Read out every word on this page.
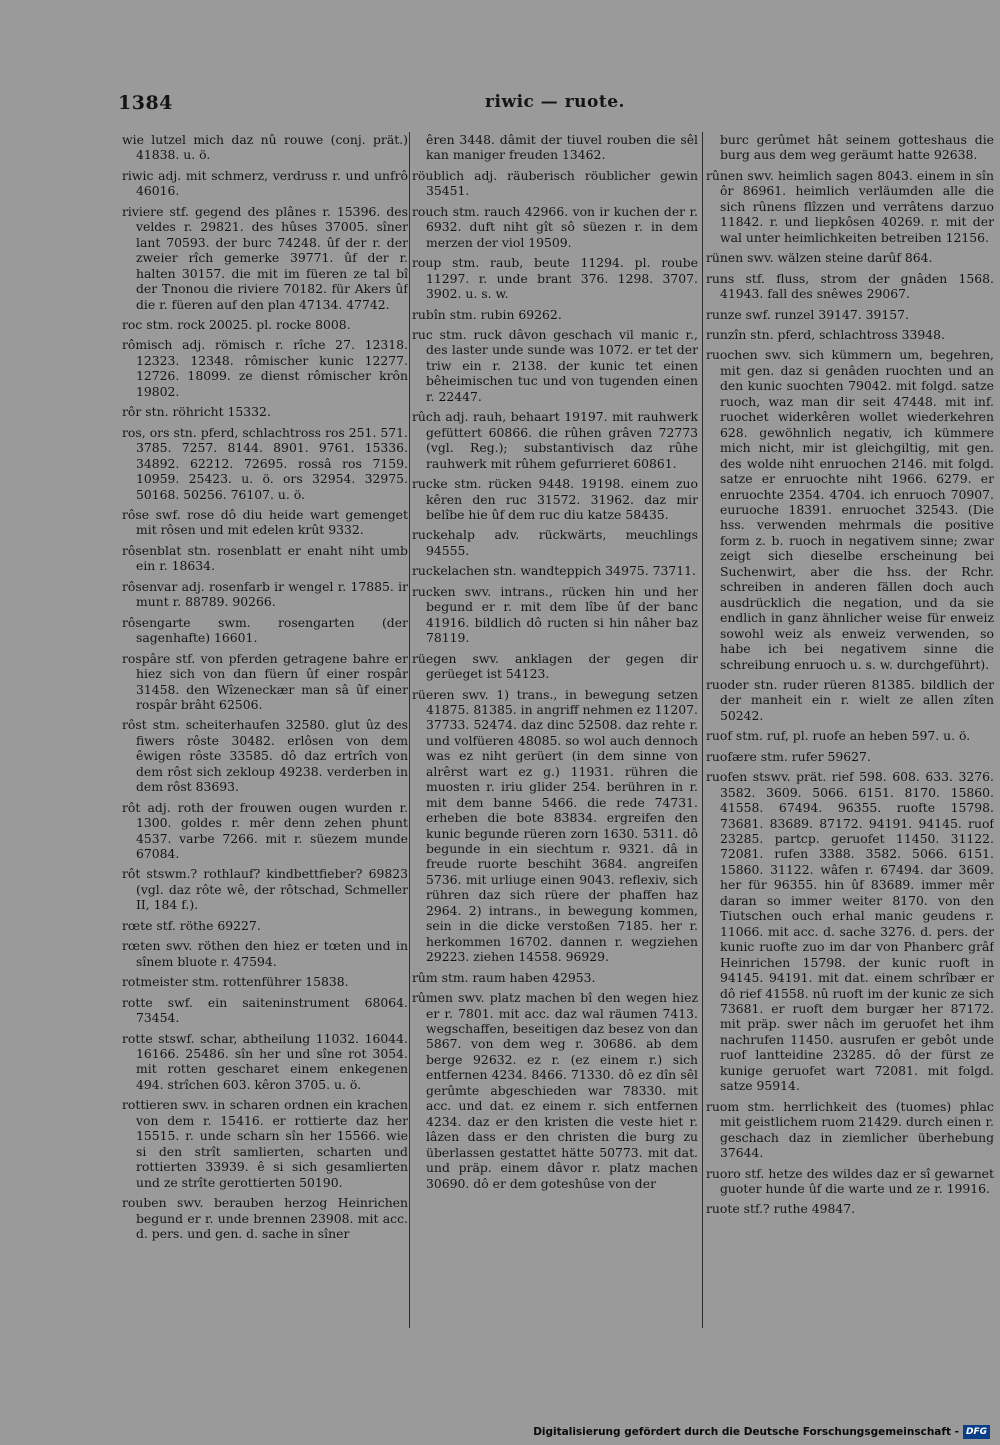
1384	riwic — ruote.

wie lutzel mich daz nû rouwe (conj. prät.) 41838. u. ö.

riwic adj. mit schmerz, verdruss r. und unfrô 46016.

riviere stf. gegend des plânes r. 15396. des veldes r. 29821. des hûses 37005. sîner lant 70593. der burc 74248. ûf der r. der zweier rîch gemerke 39771. ûf der r. halten 30157. die mit im füeren ze tal bî der Tnonou die riviere 70182. für Akers ûf die r. füeren auf den plan 47134. 47742.

roc stm. rock 20025. pl. rocke 8008.

rômisch adj. römisch r. rîche 27. 12318. 12323. 12348. rômischer kunic 12277. 12726. 18099. ze dienst rômischer krôn 19802.

rôr stn. röhricht 15332.

ros, ors stn. pferd, schlachtross ros 251. 571. 3785. 7257. 8144. 8901. 9761. 15336. 34892. 62212. 72695. rossâ ros 7159. 10959. 25423. u. ö. ors 32954. 32975. 50168. 50256. 76107. u. ö.

rôse swf. rose dô diu heide wart gemenget mit rôsen und mit edelen krût 9332.

rôsenblat stn. rosenblatt er enaht niht umb ein r. 18634.

rôsenvar adj. rosenfarb ir wengel r. 17885. ir munt r. 88789. 90266.

rôsengarte swm. rosengarten (der sagenhafte) 16601.

rospâre stf. von pferden getragene bahre er hiez sich von dan füern ûf einer rospâr 31458. den Wîzeneckær man sâ ûf einer rospâr brâht 62506.

rôst stm. scheiterhaufen 32580. glut ûz des fiwers rôste 30482. erlôsen von dem êwigen rôste 33585. dô daz ertrîch von dem rôst sich zekloup 49238. verderben in dem rôst 83693.

rôt adj. roth der frouwen ougen wurden r. 1300. goldes r. mêr denn zehen phunt 4537. varbe 7266. mit r. süezem munde 67084.

rôt stswm.? rothlauf? kindbettfieber? 69823 (vgl. daz rôte wê, der rôtschad, Schmeller II, 184 f.).

rœte stf. röthe 69227.

rœten swv. röthen den hiez er tœten und in sînem bluote r. 47594.

rotmeister stm. rottenführer 15838.

rotte swf. ein saiteninstrument 68064. 73454.

rotte stswf. schar, abtheilung 11032. 16044. 16166. 25486. sîn her und sîne rot 3054. mit rotten gescharet einem enkegenen 494. strîchen 603. kêron 3705. u. ö.

rottieren swv. in scharen ordnen ein krachen von dem r. 15416. er rottierte daz her 15515. r. unde scharn sîn her 15566. wie si den strît samlierten, scharten und rottierten 33939. ê si sich gesamlierten und ze strîte gerottierten 50190.

rouben swv. berauben herzog Heinrichen begund er r. unde brennen 23908. mit acc. d. pers. und gen. d. sache in sîner

êren 3448. dâmit der tiuvel rouben die sêl kan maniger freuden 13462.

röublich adj. räuberisch röublicher gewin 35451.

rouch stm. rauch 42966. von ir kuchen der r. 6932. duft niht gît sô süezen r. in dem merzen der viol 19509.

roup stm. raub, beute 11294. pl. roube 11297. r. unde brant 376. 1298. 3707. 3902. u. s. w.

rubîn stm. rubin 69262.

ruc stm. ruck dâvon geschach vil manic r., des laster unde sunde was 1072. er tet der triw ein r. 2138. der kunic tet einen bêheimischen tuc und von tugenden einen r. 22447.

rûch adj. rauh, behaart 19197. mit rauhwerk gefüttert 60866. die rûhen grâven 72773 (vgl. Reg.); substantivisch daz rûhe rauhwerk mit rûhem gefurrieret 60861.

rucke stm. rücken 9448. 19198. einem zuo kêren den ruc 31572. 31962. daz mir belîbe hie ûf dem ruc diu katze 58435.

ruckehalp adv. rückwärts, meuchlings 94555.

ruckelachen stn. wandteppich 34975. 73711.

rucken swv. intrans., rücken hin und her begund er r. mit dem lîbe ûf der banc 41916. bildlich dô ructen si hin nâher baz 78119.

rüegen swv. anklagen der gegen dir gerüeget ist 54123.

rüeren swv. 1) trans., in bewegung setzen 41875. 81385. in angriff nehmen ez 11207. 37733. 52474. daz dinc 52508. daz rehte r. und volfüeren 48085. so wol auch dennoch was ez niht gerüert (in dem sinne von alrêrst wart ez g.) 11931. rühren die muosten r. iriu glider 254. berühren in r. mit dem banne 5466. die rede 74731. erheben die bote 83834. ergreifen den kunic begunde rüeren zorn 1630. 5311. dô begunde in ein siechtum r. 9321. dâ in freude ruorte beschiht 3684. angreifen 5736. mit urliuge einen 9043. reflexiv, sich rühren daz sich rüere der phaffen haz 2964. 2) intrans., in bewegung kommen, sein in die dicke verstoßen 7185. her r. herkommen 16702. dannen r. wegziehen 29223. ziehen 14558. 96929.

rûm stm. raum haben 42953.

rûmen swv. platz machen bî den wegen hiez er r. 7801. mit acc. daz wal räumen 7413. wegschaffen, beseitigen daz besez von dan 5867. von dem weg r. 30686. ab dem berge 92632. ez r. (ez einem r.) sich entfernen 4234. 8466. 71330. dô ez dîn sêl gerûmte abgeschieden war 78330. mit acc. und dat. ez einem r. sich entfernen 4234. daz er den kristen die veste hiet r. lâzen dass er den christen die burg zu überlassen gestattet hätte 50773. mit dat. und präp. einem dâvor r. platz machen 30690. dô er dem goteshûse von der

burc gerûmet hât seinem gotteshaus die burg aus dem weg geräumt hatte 92638.

rûnen swv. heimlich sagen 8043. einem in sîn ôr 86961. heimlich verläumden alle die sich rûnens flîzzen und verrâtens darzuo 11842. r. und liepkôsen 40269. r. mit der wal unter heimlichkeiten betreiben 12156.

rünen swv. wälzen steine darûf 864.

runs stf. fluss, strom der gnâden 1568. 41943. fall des snêwes 29067.

runze swf. runzel 39147. 39157.

runzîn stn. pferd, schlachtross 33948.

ruochen swv. sich kümmern um, begehren, mit gen. daz si genâden ruochten und an den kunic suochten 79042. mit folgd. satze ruoch, waz man dir seit 47448. mit inf. ruochet widerkêren wollet wiederkehren 628. gewöhnlich negativ, ich kümmere mich nicht, mir ist gleichgiltig, mit gen. des wolde niht enruochen 2146. mit folgd. satze er enruochte niht 1966. 6279. er enruochte 2354. 4704. ich enruoch 70907. euruoche 18391. enruochet 32543. (Die hss. verwenden mehrmals die positive form z. b. ruoch in negativem sinne; zwar zeigt sich dieselbe erscheinung bei Suchenwirt, aber die hss. der Rchr. schreiben in anderen fällen doch auch ausdrücklich die negation, und da sie endlich in ganz ähnlicher weise für enweiz sowohl weiz als enweiz verwenden, so habe ich bei negativem sinne die schreibung enruoch u. s. w. durchgeführt).

ruoder stn. ruder rüeren 81385. bildlich der der manheit ein r. wielt ze allen zîten 50242.

ruof stm. ruf, pl. ruofe an heben 597. u. ö.

ruofære stm. rufer 59627.

ruofen stswv. prät. rief 598. 608. 633. 3276. 3582. 3609. 5066. 6151. 8170. 15860. 41558. 67494. 96355. ruofte 15798. 73681. 83689. 87172. 94191. 94145. ruof 23285. partcp. geruofet 11450. 31122. 72081. rufen 3388. 3582. 5066. 6151. 15860. 31122. wâfen r. 67494. dar 3609. her für 96355. hin ûf 83689. immer mêr daran so immer weiter 8170. von den Tiutschen ouch erhal manic geudens r. 11066. mit acc. d. sache 3276. d. pers. der kunic ruofte zuo im dar von Phanberc grâf Heinrichen 15798. der kunic ruoft in 94145. 94191. mit dat. einem schrîbær er dô rief 41558. nû ruoft im der kunic ze sich 73681. er ruoft dem burgær her 87172. mit präp. swer nâch im geruofet het ihm nachrufen 11450. ausrufen er gebôt unde ruof lantteidine 23285. dô der fürst ze kunige geruofet wart 72081. mit folgd. satze 95914.

ruom stm. herrlichkeit des (tuomes) phlac mit geistlichem ruom 21429. durch einen r. geschach daz in ziemlicher überhebung 37644.

ruoro stf. hetze des wildes daz er sî gewarnet guoter hunde ûf die warte und ze r. 19916.

ruote stf.? ruthe 49847.

Digitalisierung gefördert durch die Deutsche Forschungsgemeinschaft - DFG
